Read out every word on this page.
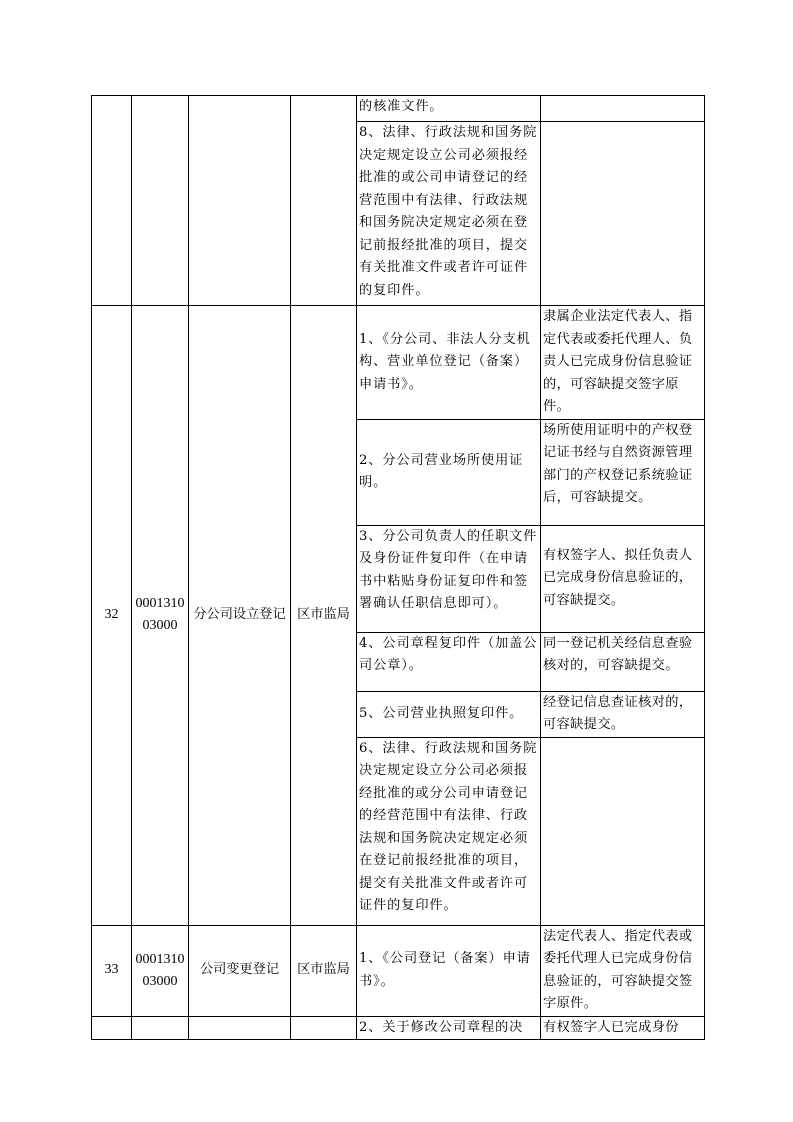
				的核准文件。	
				8、法律、行政法规和国务院决定规定设立公司必须报经批准的或公司申请登记的经营范围中有法律、行政法规和国务院决定规定必须在登记前报经批准的项目，提交有关批准文件或者许可证件的复印件。	
32	000131003000	分公司设立登记	区市监局	1、《分公司、非法人分支机构、营业单位登记（备案）申请书》。	隶属企业法定代表人、指定代表或委托代理人、负责人已完成身份信息验证的，可容缺提交签字原件。
				2、分公司营业场所使用证明。	场所使用证明中的产权登记证书经与自然资源管理部门的产权登记系统验证后，可容缺提交。
				3、分公司负责人的任职文件及身份证件复印件（在申请书中粘贴身份证复印件和签署确认任职信息即可）。	有权签字人、拟任负责人已完成身份信息验证的，可容缺提交。
				4、公司章程复印件（加盖公司公章）。	同一登记机关经信息查验核对的，可容缺提交。
				5、公司营业执照复印件。	经登记信息查证核对的，可容缺提交。
				6、法律、行政法规和国务院决定规定设立分公司必须报经批准的或分公司申请登记的经营范围中有法律、行政法规和国务院决定规定必须在登记前报经批准的项目，提交有关批准文件或者许可证件的复印件。	
33	000131003000	公司变更登记	区市监局	1、《公司登记（备案）申请书》。	法定代表人、指定代表或委托代理人已完成身份信息验证的，可容缺提交签字原件。
				2、关于修改公司章程的决	有权签字人已完成身份
